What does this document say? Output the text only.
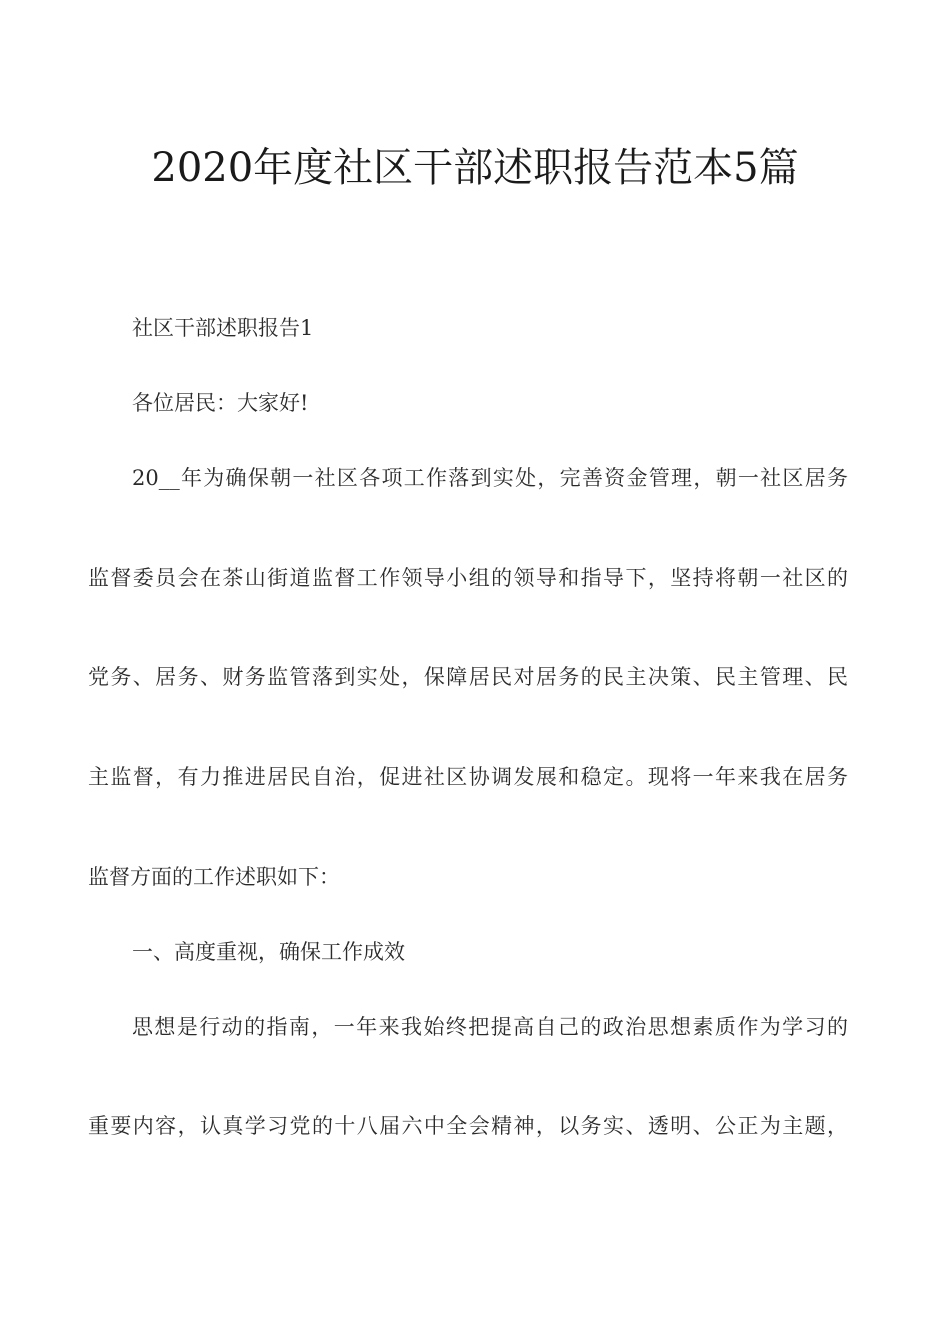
2020年度社区干部述职报告范本5篇
社区干部述职报告1
各位居民：大家好!
20__年为确保朝一社区各项工作落到实处，完善资金管理，朝一社区居务
监督委员会在茶山街道监督工作领导小组的领导和指导下，坚持将朝一社区的
党务、居务、财务监管落到实处，保障居民对居务的民主决策、民主管理、民
主监督，有力推进居民自治，促进社区协调发展和稳定。现将一年来我在居务
监督方面的工作述职如下：
一、高度重视，确保工作成效
思想是行动的指南，一年来我始终把提高自己的政治思想素质作为学习的
重要内容，认真学习党的十八届六中全会精神，以务实、透明、公正为主题，
